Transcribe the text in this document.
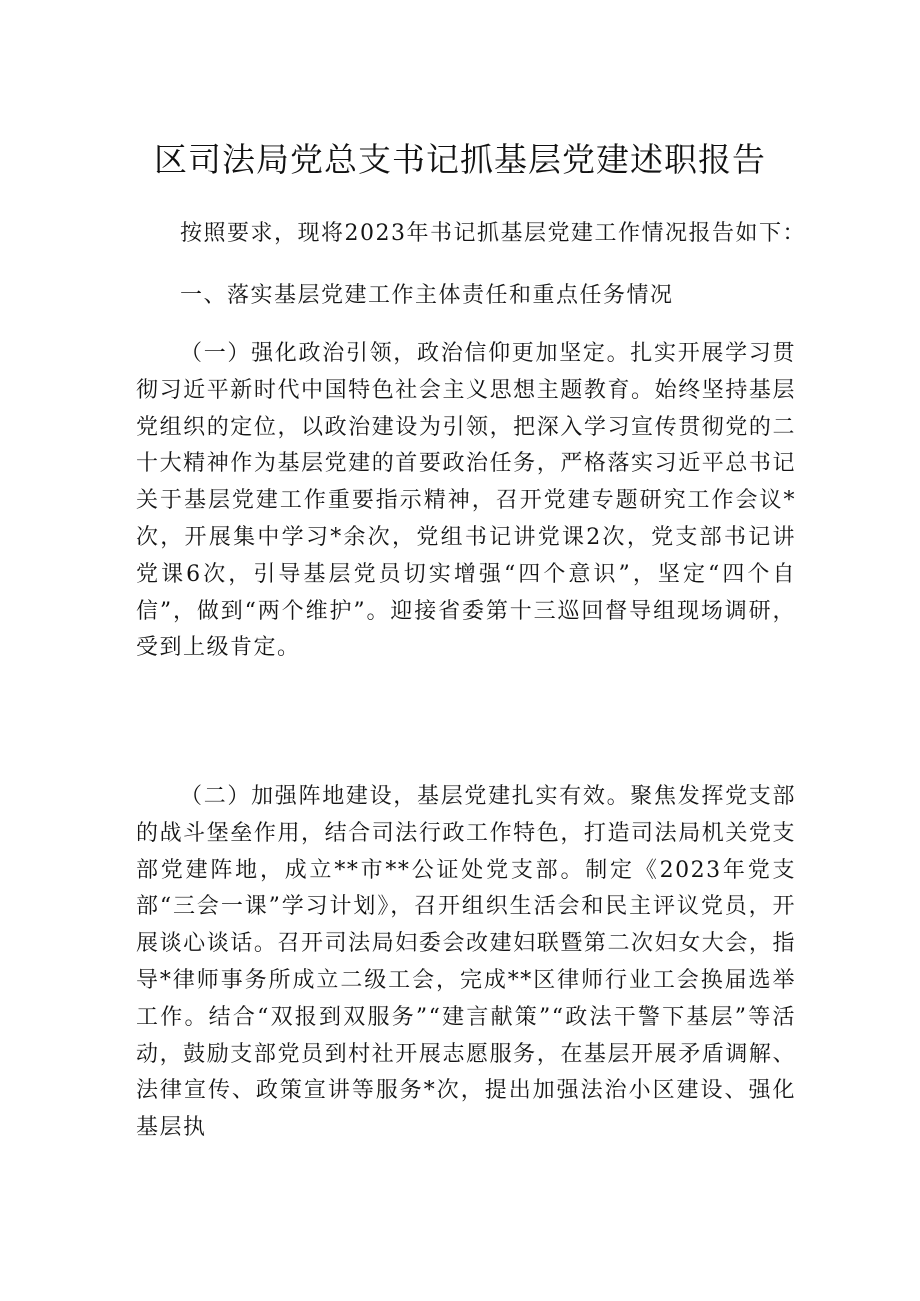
区司法局党总支书记抓基层党建述职报告
按照要求，现将2023年书记抓基层党建工作情况报告如下：
一、落实基层党建工作主体责任和重点任务情况
（一）强化政治引领，政治信仰更加坚定。扎实开展学习贯彻习近平新时代中国特色社会主义思想主题教育。始终坚持基层党组织的定位，以政治建设为引领，把深入学习宣传贯彻党的二十大精神作为基层党建的首要政治任务，严格落实习近平总书记关于基层党建工作重要指示精神，召开党建专题研究工作会议*次，开展集中学习*余次，党组书记讲党课2次，党支部书记讲党课6次，引导基层党员切实增强“四个意识”，坚定“四个自信”，做到“两个维护”。迎接省委第十三巡回督导组现场调研，受到上级肯定。
（二）加强阵地建设，基层党建扎实有效。聚焦发挥党支部的战斗堡垒作用，结合司法行政工作特色，打造司法局机关党支部党建阵地，成立**市**公证处党支部。制定《2023年党支部“三会一课”学习计划》，召开组织生活会和民主评议党员，开展谈心谈话。召开司法局妇委会改建妇联暨第二次妇女大会，指导*律师事务所成立二级工会，完成**区律师行业工会换届选举工作。结合“双报到双服务”“建言献策”“政法干警下基层”等活动，鼓励支部党员到村社开展志愿服务，在基层开展矛盾调解、法律宣传、政策宣讲等服务*次，提出加强法治小区建设、强化基层执
